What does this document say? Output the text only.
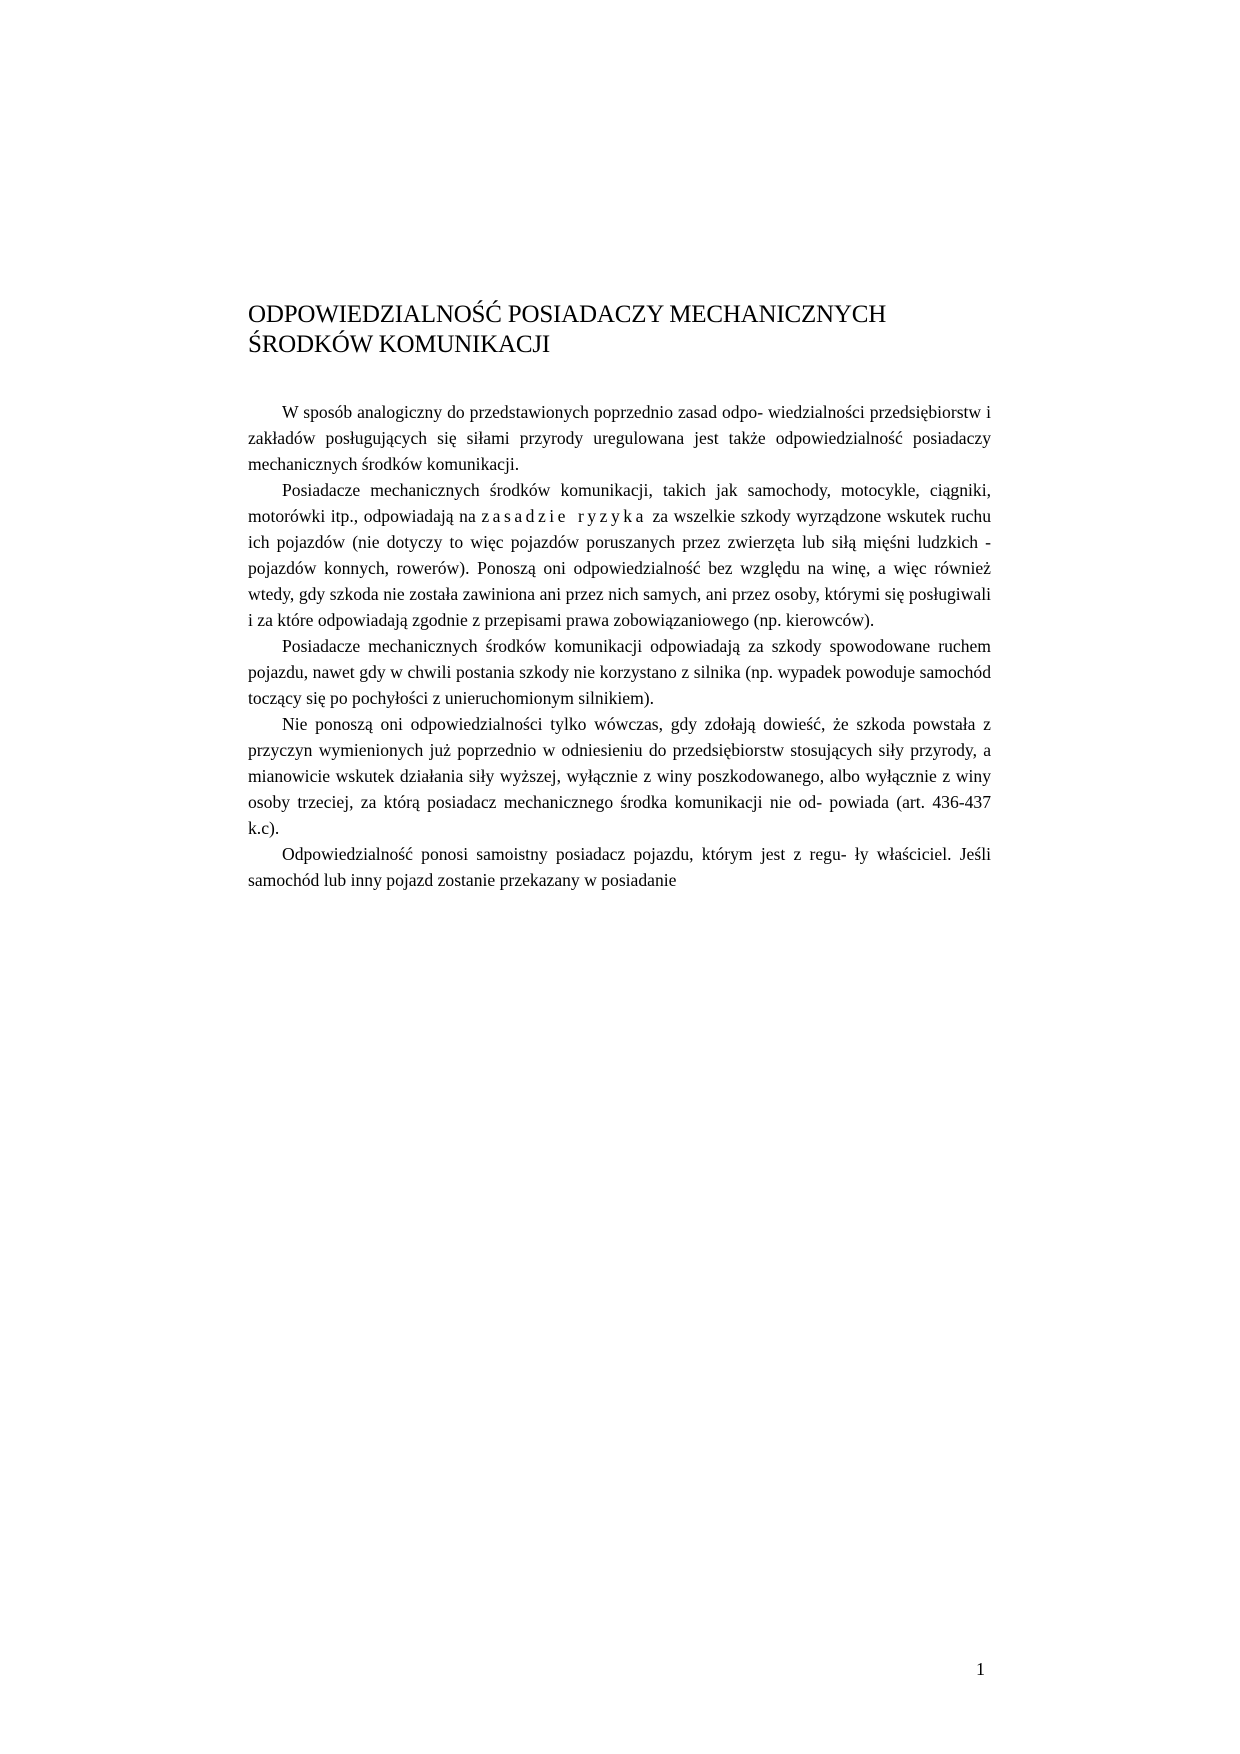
ODPOWIEDZIALNOŚĆ POSIADACZY MECHANICZNYCH
ŚRODKÓW KOMUNIKACJI

W sposób analogiczny do przedstawionych poprzednio zasad odpo- wiedzialności przedsiębiorstw i zakładów posługujących się siłami przyrody uregulowana jest także odpowiedzialność posiadaczy mechanicznych środków komunikacji.

Posiadacze mechanicznych środków komunikacji, takich jak samochody, motocykle, ciągniki, motorówki itp., odpowiadają na zasadzie ryzyka za wszelkie szkody wyrządzone wskutek ruchu ich pojazdów (nie dotyczy to więc pojazdów poruszanych przez zwierzęta lub siłą mięśni ludzkich - pojazdów konnych, rowerów). Ponoszą oni odpowiedzialność bez względu na winę, a więc również wtedy, gdy szkoda nie została zawiniona ani przez nich samych, ani przez osoby, którymi się posługiwali i za które odpowiadają zgodnie z przepisami prawa zobowiązaniowego (np. kierowców).

Posiadacze mechanicznych środków komunikacji odpowiadają za szkody spowodowane ruchem pojazdu, nawet gdy w chwili postania szkody nie korzystano z silnika (np. wypadek powoduje samochód toczący się po pochyłości z unieruchomionym silnikiem).

Nie ponoszą oni odpowiedzialności tylko wówczas, gdy zdołają dowieść, że szkoda powstała z przyczyn wymienionych już poprzednio w odniesieniu do przedsiębiorstw stosujących siły przyrody, a mianowicie wskutek działania siły wyższej, wyłącznie z winy poszkodowanego, albo wyłącznie z winy osoby trzeciej, za którą posiadacz mechanicznego środka komunikacji nie od- powiada (art. 436-437 k.c).

Odpowiedzialność ponosi samoistny posiadacz pojazdu, którym jest z regu- ły właściciel. Jeśli samochód lub inny pojazd zostanie przekazany w posiadanie

1
